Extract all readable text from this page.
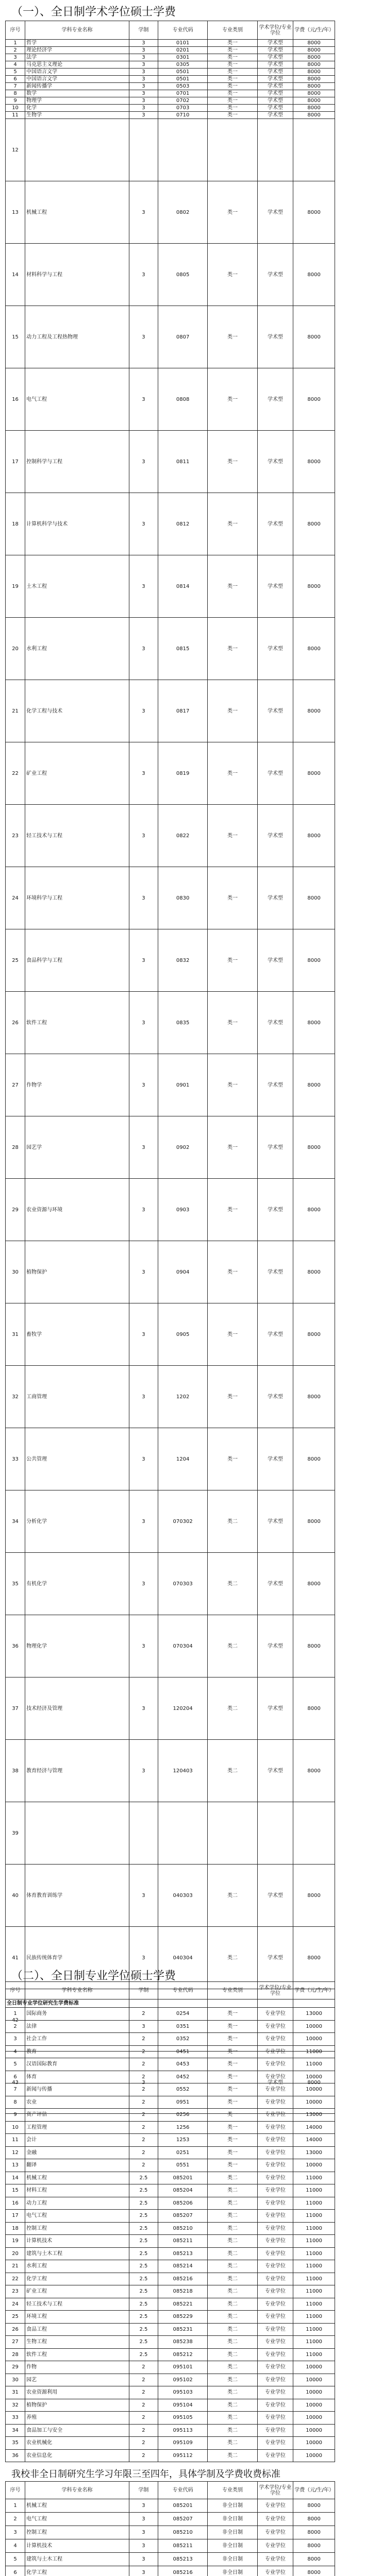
（一）、全日制学术学位硕士学费
序号	学科专业名称	学制	专业代码	专业类别	学术学位/专业学位	学费（元/生/年）
1	哲学	3	0101	类一	学术型	8000
2	理论经济学	3	0201	类一	学术型	8000
3	法学	3	0301	类一	学术型	8000
4	马克思主义理论	3	0305	类一	学术型	8000
5	中国语言文学	3	0501	类一	学术型	8000
6	中国语言文学	3	0501	类一	学术型	8000
7	新闻传播学	3	0503	类一	学术型	8000
8	数学	3	0701	类一	学术型	8000
9	物理学	3	0702	类一	学术型	8000
10	化学	3	0703	类一	学术型	8000
11	生物学	3	0710	类一	学术型	8000
12						
13	机械工程	3	0802	类一	学术型	8000
14	材料科学与工程	3	0805	类一	学术型	8000
15	动力工程及工程热物理	3	0807	类一	学术型	8000
16	电气工程	3	0808	类一	学术型	8000
17	控制科学与工程	3	0811	类一	学术型	8000
18	计算机科学与技术	3	0812	类一	学术型	8000
19	土木工程	3	0814	类一	学术型	8000
20	水利工程	3	0815	类一	学术型	8000
21	化学工程与技术	3	0817	类一	学术型	8000
22	矿业工程	3	0819	类一	学术型	8000
23	轻工技术与工程	3	0822	类一	学术型	8000
24	环境科学与工程	3	0830	类一	学术型	8000
25	食品科学与工程	3	0832	类一	学术型	8000
26	软件工程	3	0835	类一	学术型	8000
27	作物学	3	0901	类一	学术型	8000
28	园艺学	3	0902	类一	学术型	8000
29	农业资源与环境	3	0903	类一	学术型	8000
30	植物保护	3	0904	类一	学术型	8000
31	畜牧学	3	0905	类一	学术型	8000
32	工商管理	3	1202	类一	学术型	8000
33	公共管理	3	1204	类一	学术型	8000
34	分析化学	3	070302	类二	学术型	8000
35	有机化学	3	070303	类二	学术型	8000
36	物理化学	3	070304	类二	学术型	8000
37	技术经济及管理	3	120204	类二	学术型	8000
38	教育经济与管理	3	120403	类二	学术型	8000
39						
40	体育教育训练学	3	040303	类二	学术型	8000
41	民族传统体育学	3	040304	类二	学术型	8000
42						
43		3			学术型	8000
（二）、全日制专业学位硕士学费
序号	学科专业名称	学制	专业代码	专业类别	学术学位/专业学位	学费（元/生/年）
全日制专业学位研究生学费标准						
1	国际商务	2	0254	类一	专业学位	13000
2	法律	3	0351	类一	专业学位	10000
3	社会工作	2	0352	类一	专业学位	10000
4	教育	2	0451	类一	专业学位	11000
5	汉语国际教育	2	0453	类一	专业学位	11000
6	体育	2	0452	类一	专业学位	10000
7	新闻与传播	2	0552	类一	专业学位	10000
8	农业	2	0951	类一	专业学位	10000
9	资产评估	2	0256	类一	专业学位	13000
10	工程管理	2	1256	类一	专业学位	14000
11	会计	2	1253	类一	专业学位	14000
12	金融	2	0251	类一	专业学位	13000
13	翻译	2	0551	类一	专业学位	10000
14	机械工程	2.5	085201	类二	专业学位	11000
15	材料工程	2.5	085204	类二	专业学位	11000
16	动力工程	2.5	085206	类二	专业学位	11000
17	电气工程	2.5	085207	类二	专业学位	11000
18	控制工程	2.5	085210	类二	专业学位	11000
19	计算机技术	2.5	085211	类二	专业学位	11000
20	建筑与土木工程	2.5	085213	类二	专业学位	11000
21	水利工程	2.5	085214	类二	专业学位	11000
22	化学工程	2.5	085216	类二	专业学位	11000
23	矿业工程	2.5	085218	类二	专业学位	11000
24	轻工技术与工程	2.5	085221	类二	专业学位	11000
25	环境工程	2.5	085229	类二	专业学位	11000
26	食品工程	2.5	085231	类二	专业学位	11000
27	生物工程	2.5	085238	类二	专业学位	11000
28	软件工程	2.5	085212	类二	专业学位	11000
29	作物	2	095101	类二	专业学位	10000
30	园艺	2	095102	类二	专业学位	10000
31	农业资源利用	2	095103	类二	专业学位	10000
32	植物保护	2	095104	类二	专业学位	10000
33	养殖	2	095105	类二	专业学位	10000
34	食品加工与安全	2	095113	类二	专业学位	10000
35	农业机械化	2	095109	类二	专业学位	10000
36	农业信息化	2	095112	类二	专业学位	10000
我校非全日制研究生学习年限三至四年，具体学制及学费收费标准
序号	学科专业名称	学制	专业代码	专业类别	学术学位/专业学位	学费（元/生/年）
1	机械工程	3	085201	非全日制	专业学位	8000
2	电气工程	3	085207	非全日制	专业学位	8000
3	控制工程	3	085210	非全日制	专业学位	8000
4	计算机技术	3	085211	非全日制	专业学位	8000
5	建筑与土木工程	3	085213	非全日制	专业学位	8000
6	化学工程	3	085216	非全日制	专业学位	8000
